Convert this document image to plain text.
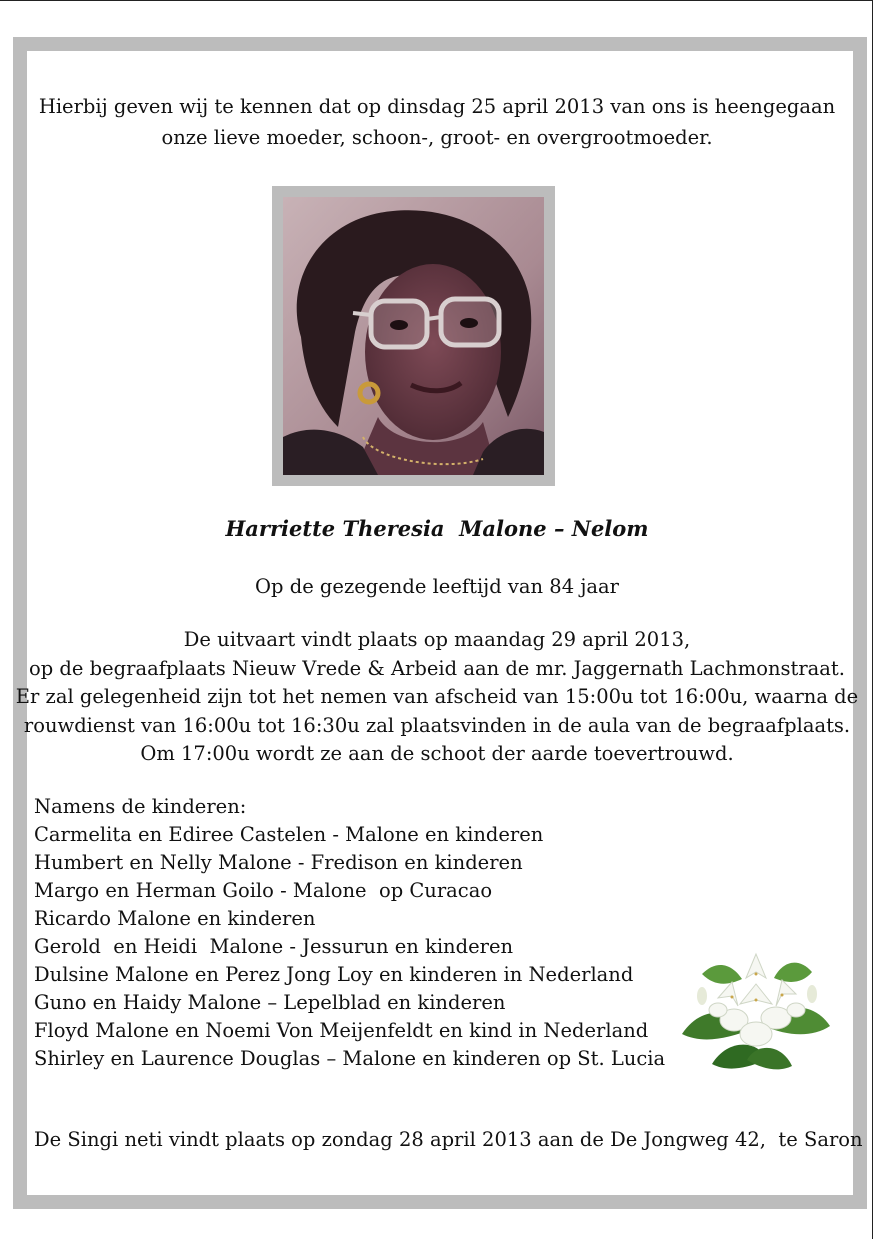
Hierbij geven wij te kennen dat op dinsdag 25 april 2013 van ons is heengegaan
onze lieve moeder, schoon-, groot- en overgrootmoeder.
Harriette Theresia  Malone – Nelom
Op de gezegende leeftijd van 84 jaar
De uitvaart vindt plaats op maandag 29 april 2013,
op de begraafplaats Nieuw Vrede & Arbeid aan de mr. Jaggernath Lachmonstraat.
Er zal gelegenheid zijn tot het nemen van afscheid van 15:00u tot 16:00u, waarna de
rouwdienst van 16:00u tot 16:30u zal plaatsvinden in de aula van de begraafplaats.
Om 17:00u wordt ze aan de schoot der aarde toevertrouwd.
Namens de kinderen:
Carmelita en Ediree Castelen - Malone en kinderen
Humbert en Nelly Malone - Fredison en kinderen
Margo en Herman Goilo - Malone  op Curacao
Ricardo Malone en kinderen
Gerold  en Heidi  Malone - Jessurun en kinderen
Dulsine Malone en Perez Jong Loy en kinderen in Nederland
Guno en Haidy Malone – Lepelblad en kinderen
Floyd Malone en Noemi Von Meijenfeldt en kind in Nederland
Shirley en Laurence Douglas – Malone en kinderen op St. Lucia
De Singi neti vindt plaats op zondag 28 april 2013 aan de De Jongweg 42,  te Saron
